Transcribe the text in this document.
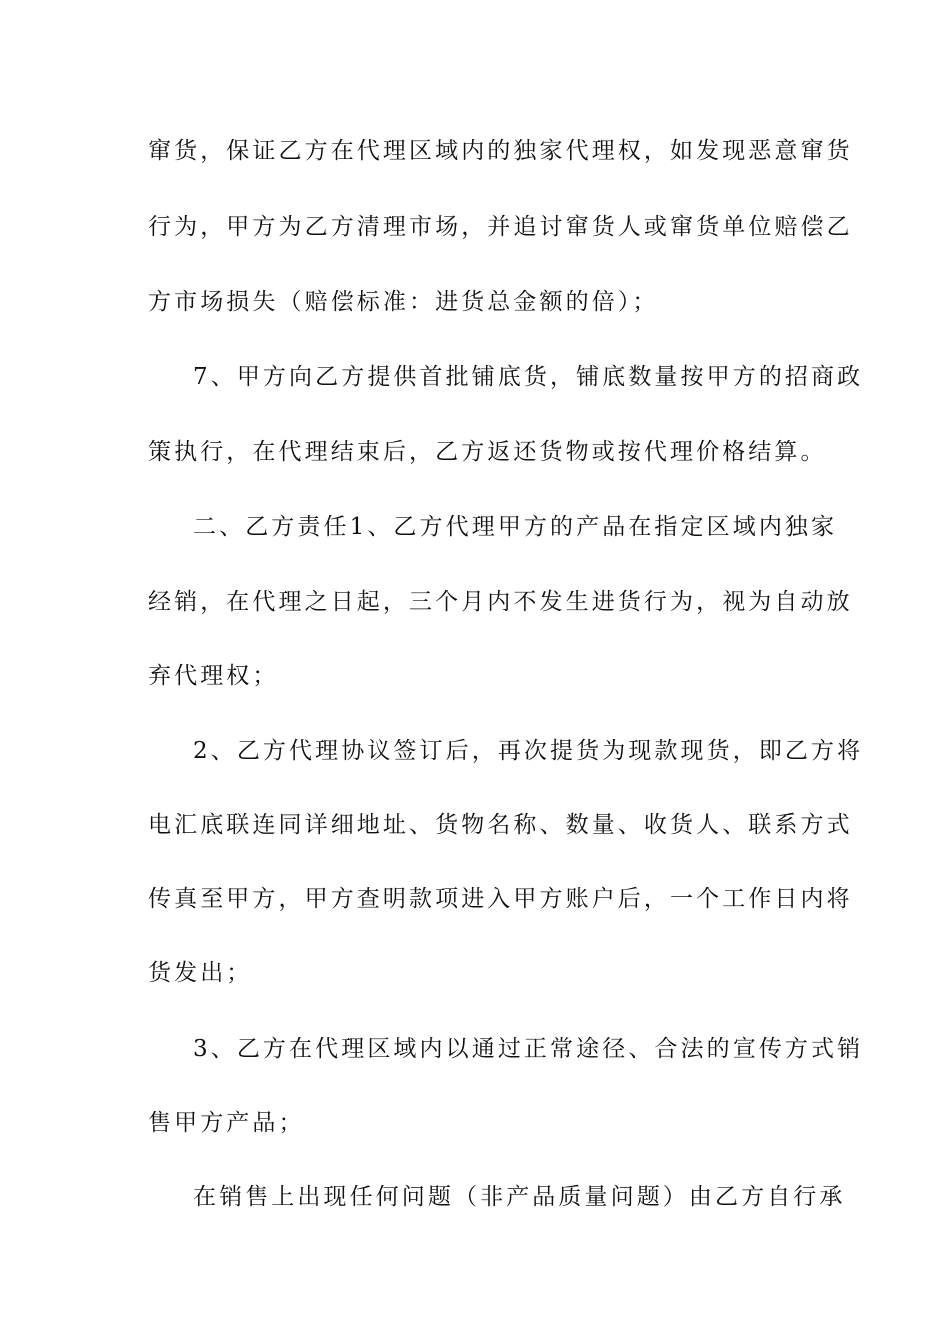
窜货，保证乙方在代理区域内的独家代理权，如发现恶意窜货
行为，甲方为乙方清理市场，并追讨窜货人或窜货单位赔偿乙
方市场损失（赔偿标准：进货总金额的倍）；
7、甲方向乙方提供首批铺底货，铺底数量按甲方的招商政
策执行，在代理结束后，乙方返还货物或按代理价格结算。
二、乙方责任1、乙方代理甲方的产品在指定区域内独家
经销，在代理之日起，三个月内不发生进货行为，视为自动放
弃代理权；
2、乙方代理协议签订后，再次提货为现款现货，即乙方将
电汇底联连同详细地址、货物名称、数量、收货人、联系方式
传真至甲方，甲方查明款项进入甲方账户后，一个工作日内将
货发出；
3、乙方在代理区域内以通过正常途径、合法的宣传方式销
售甲方产品；
在销售上出现任何问题（非产品质量问题）由乙方自行承
